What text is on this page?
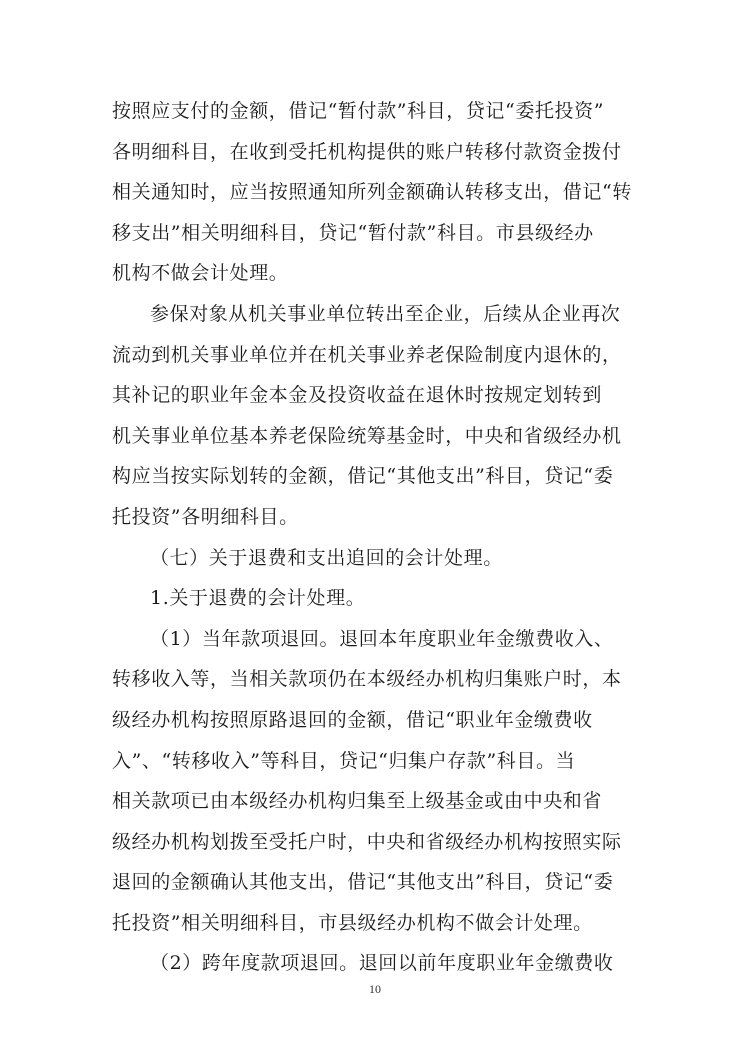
按照应支付的金额，借记“暂付款”科目，贷记“委托投资”
各明细科目，在收到受托机构提供的账户转移付款资金拨付
相关通知时，应当按照通知所列金额确认转移支出，借记“转
移支出”相关明细科目，贷记“暂付款”科目。市县级经办
机构不做会计处理。
参保对象从机关事业单位转出至企业，后续从企业再次
流动到机关事业单位并在机关事业养老保险制度内退休的，
其补记的职业年金本金及投资收益在退休时按规定划转到
机关事业单位基本养老保险统筹基金时，中央和省级经办机
构应当按实际划转的金额，借记“其他支出”科目，贷记“委
托投资”各明细科目。
（七）关于退费和支出追回的会计处理。
1.关于退费的会计处理。
（1）当年款项退回。退回本年度职业年金缴费收入、
转移收入等，当相关款项仍在本级经办机构归集账户时，本
级经办机构按照原路退回的金额，借记“职业年金缴费收
入”、“转移收入”等科目，贷记“归集户存款”科目。当
相关款项已由本级经办机构归集至上级基金或由中央和省
级经办机构划拨至受托户时，中央和省级经办机构按照实际
退回的金额确认其他支出，借记“其他支出”科目，贷记“委
托投资”相关明细科目，市县级经办机构不做会计处理。
（2）跨年度款项退回。退回以前年度职业年金缴费收
10
